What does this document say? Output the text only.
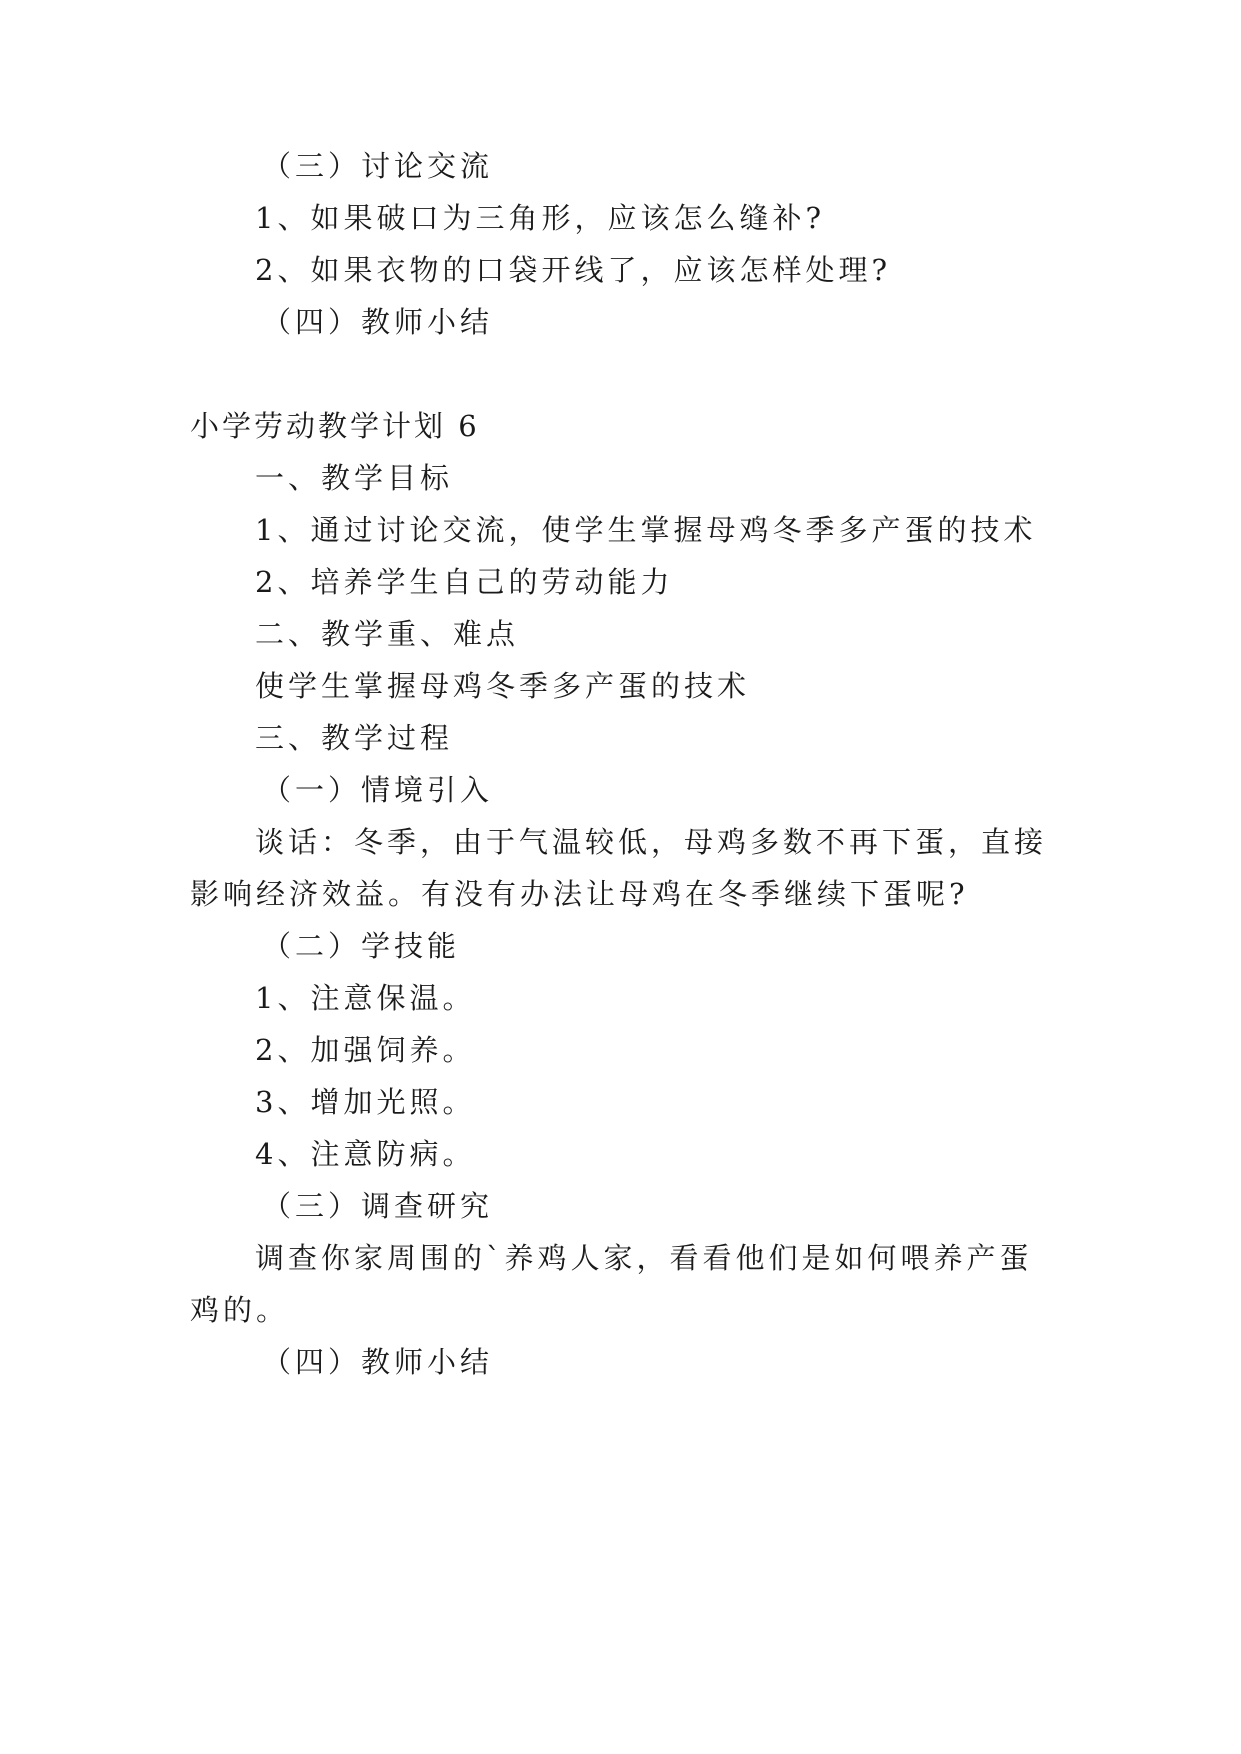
（三）讨论交流
1、如果破口为三角形，应该怎么缝补?
2、如果衣物的口袋开线了，应该怎样处理?
（四）教师小结
小学劳动教学计划 6
一、教学目标
1、通过讨论交流，使学生掌握母鸡冬季多产蛋的技术
2、培养学生自己的劳动能力
二、教学重、难点
使学生掌握母鸡冬季多产蛋的技术
三、教学过程
（一）情境引入
谈话：冬季，由于气温较低，母鸡多数不再下蛋，直接
影响经济效益。有没有办法让母鸡在冬季继续下蛋呢?
（二）学技能
1、注意保温。
2、加强饲养。
3、增加光照。
4、注意防病。
（三）调查研究
调查你家周围的`养鸡人家，看看他们是如何喂养产蛋
鸡的。
（四）教师小结
